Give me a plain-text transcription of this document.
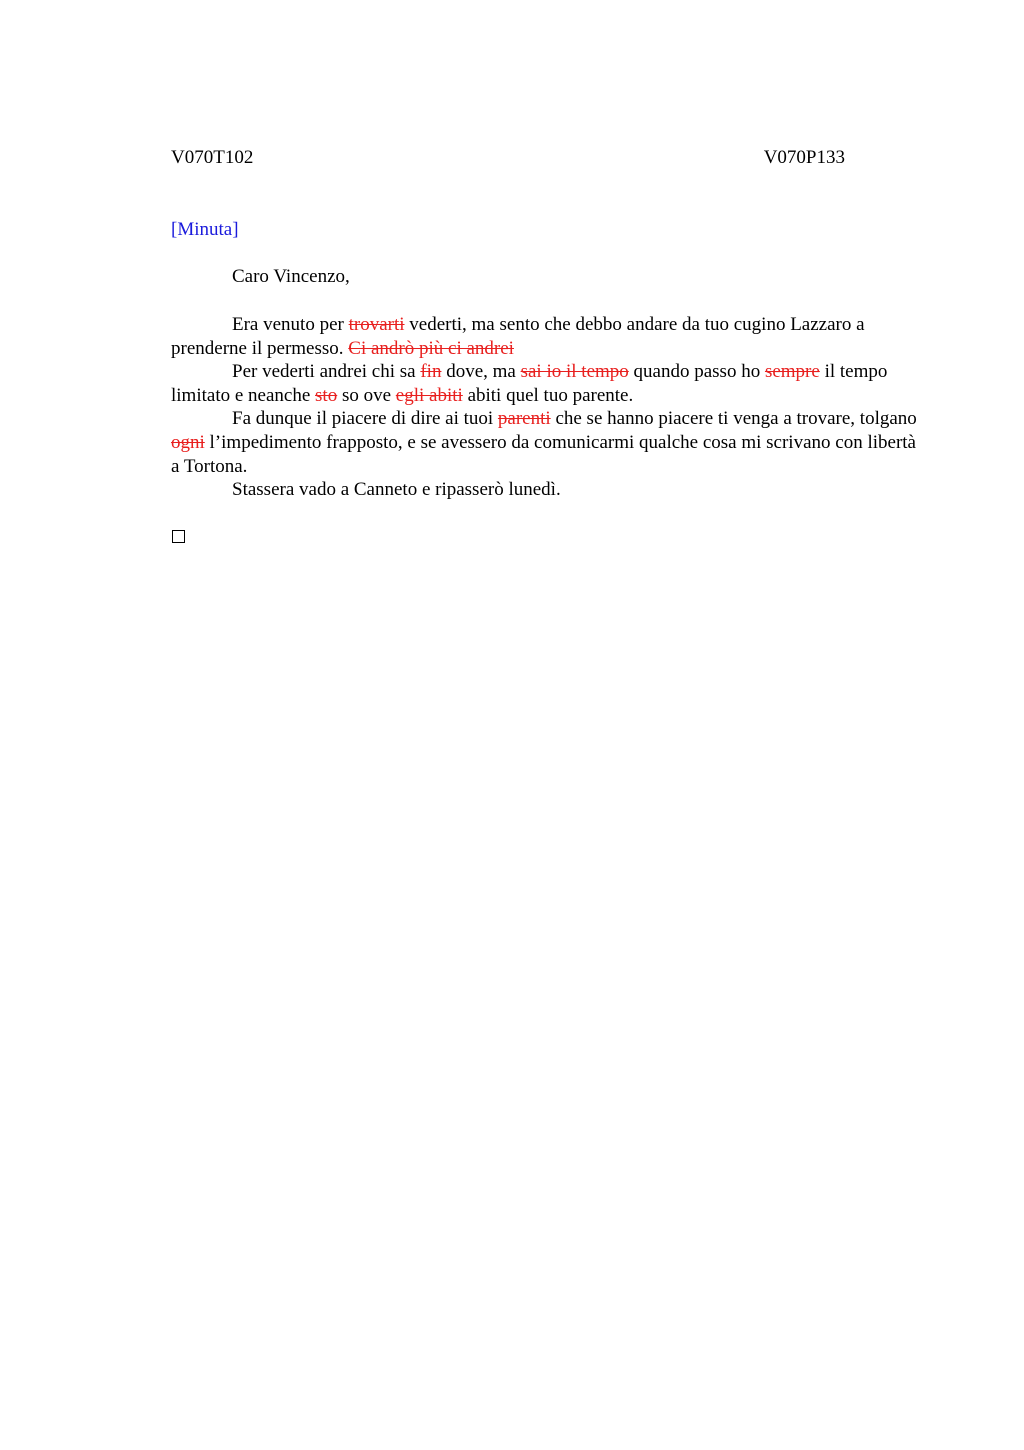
V070T102	V070P133
[Minuta]
Caro Vincenzo,

Era venuto per trovarti vederti, ma sento che debbo andare da tuo cugino Lazzaro a prenderne il permesso. Ci andrò più ci andrei

Per vederti andrei chi sa fin dove, ma sai io il tempo quando passo ho sempre il tempo limitato e neanche sto so ove egli abiti abiti quel tuo parente.

Fa dunque il piacere di dire ai tuoi parenti che se hanno piacere ti venga a trovare, tolgano ogni l’impedimento frapposto, e se avessero da comunicarmi qualche cosa mi scrivano con libertà a Tortona.

Stassera vado a Canneto e ripasserò lunedì.
